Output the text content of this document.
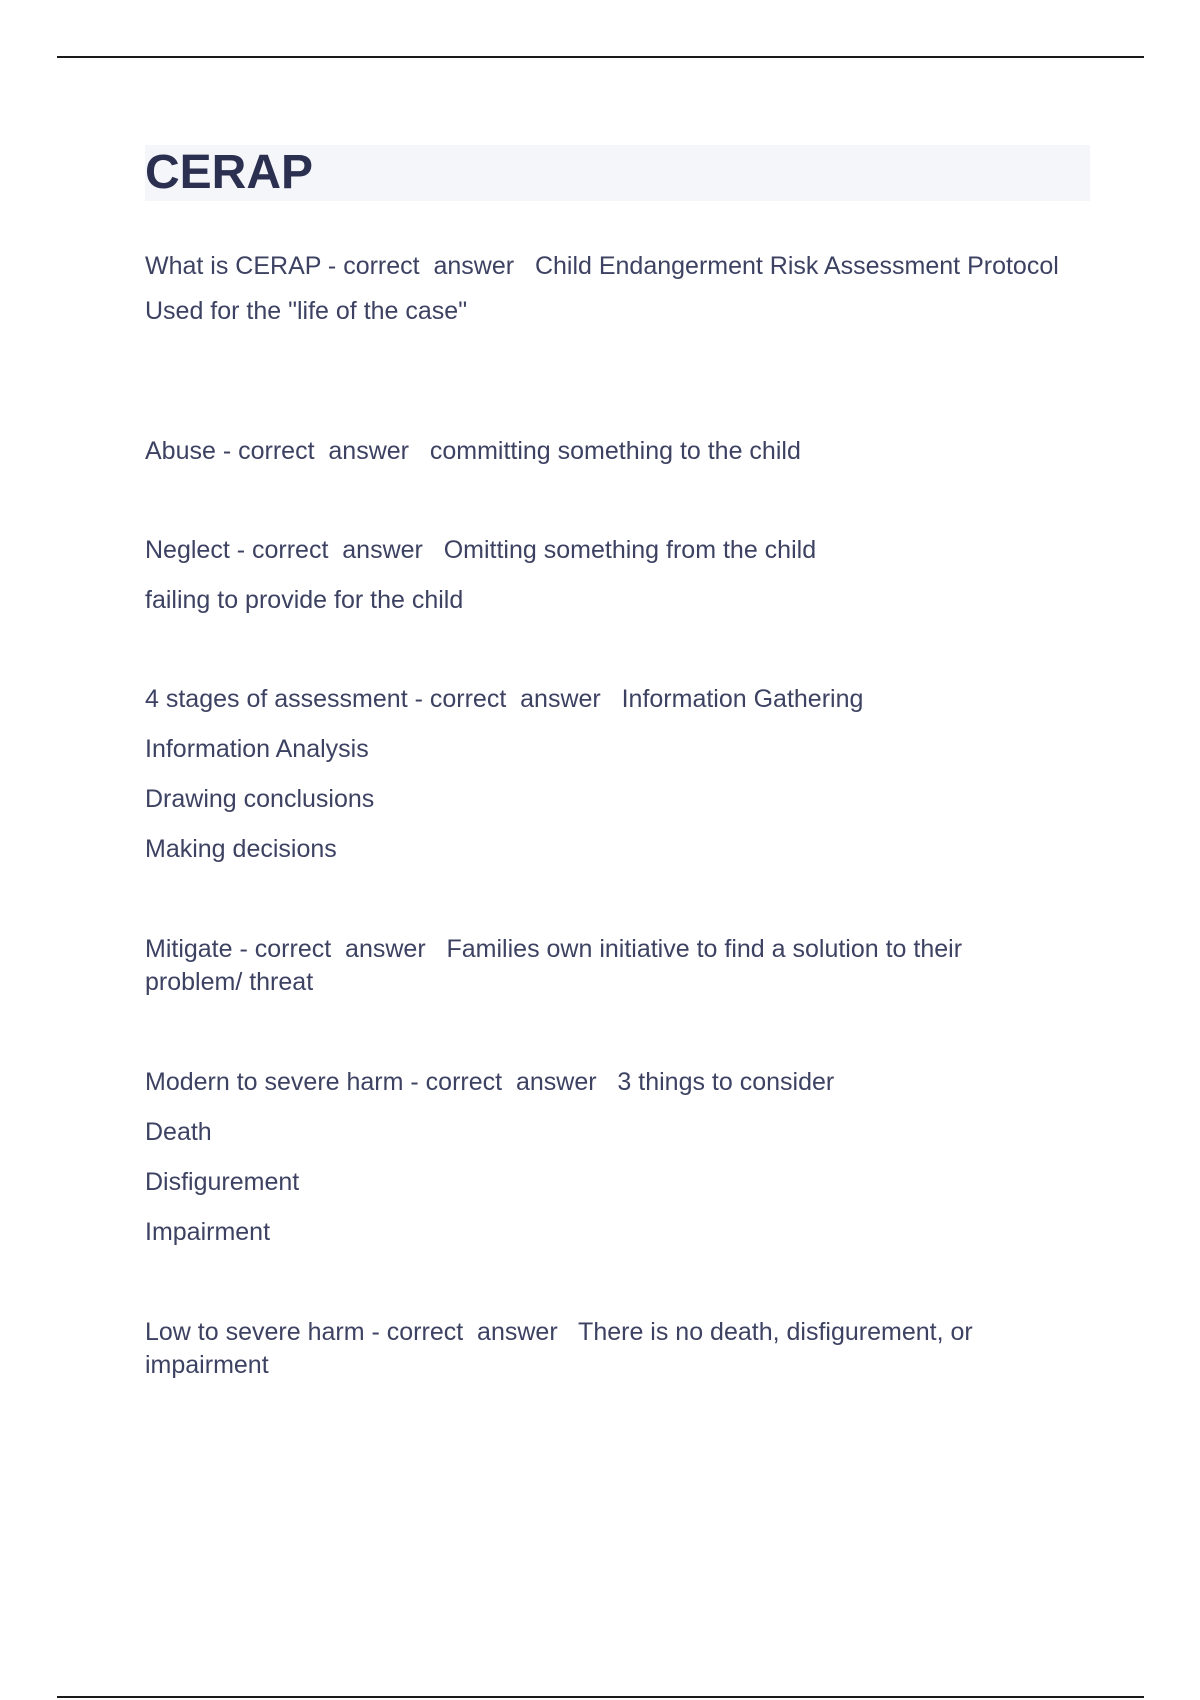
CERAP

What is CERAP - correct  answer   Child Endangerment Risk Assessment Protocol

Used for the "life of the case"

Abuse - correct  answer   committing something to the child

Neglect - correct  answer   Omitting something from the child

failing to provide for the child

4 stages of assessment - correct  answer   Information Gathering

Information Analysis

Drawing conclusions

Making decisions

Mitigate - correct  answer   Families own initiative to find a solution to their problem/ threat

Modern to severe harm - correct  answer   3 things to consider

Death

Disfigurement

Impairment

Low to severe harm - correct  answer   There is no death, disfigurement, or impairment
